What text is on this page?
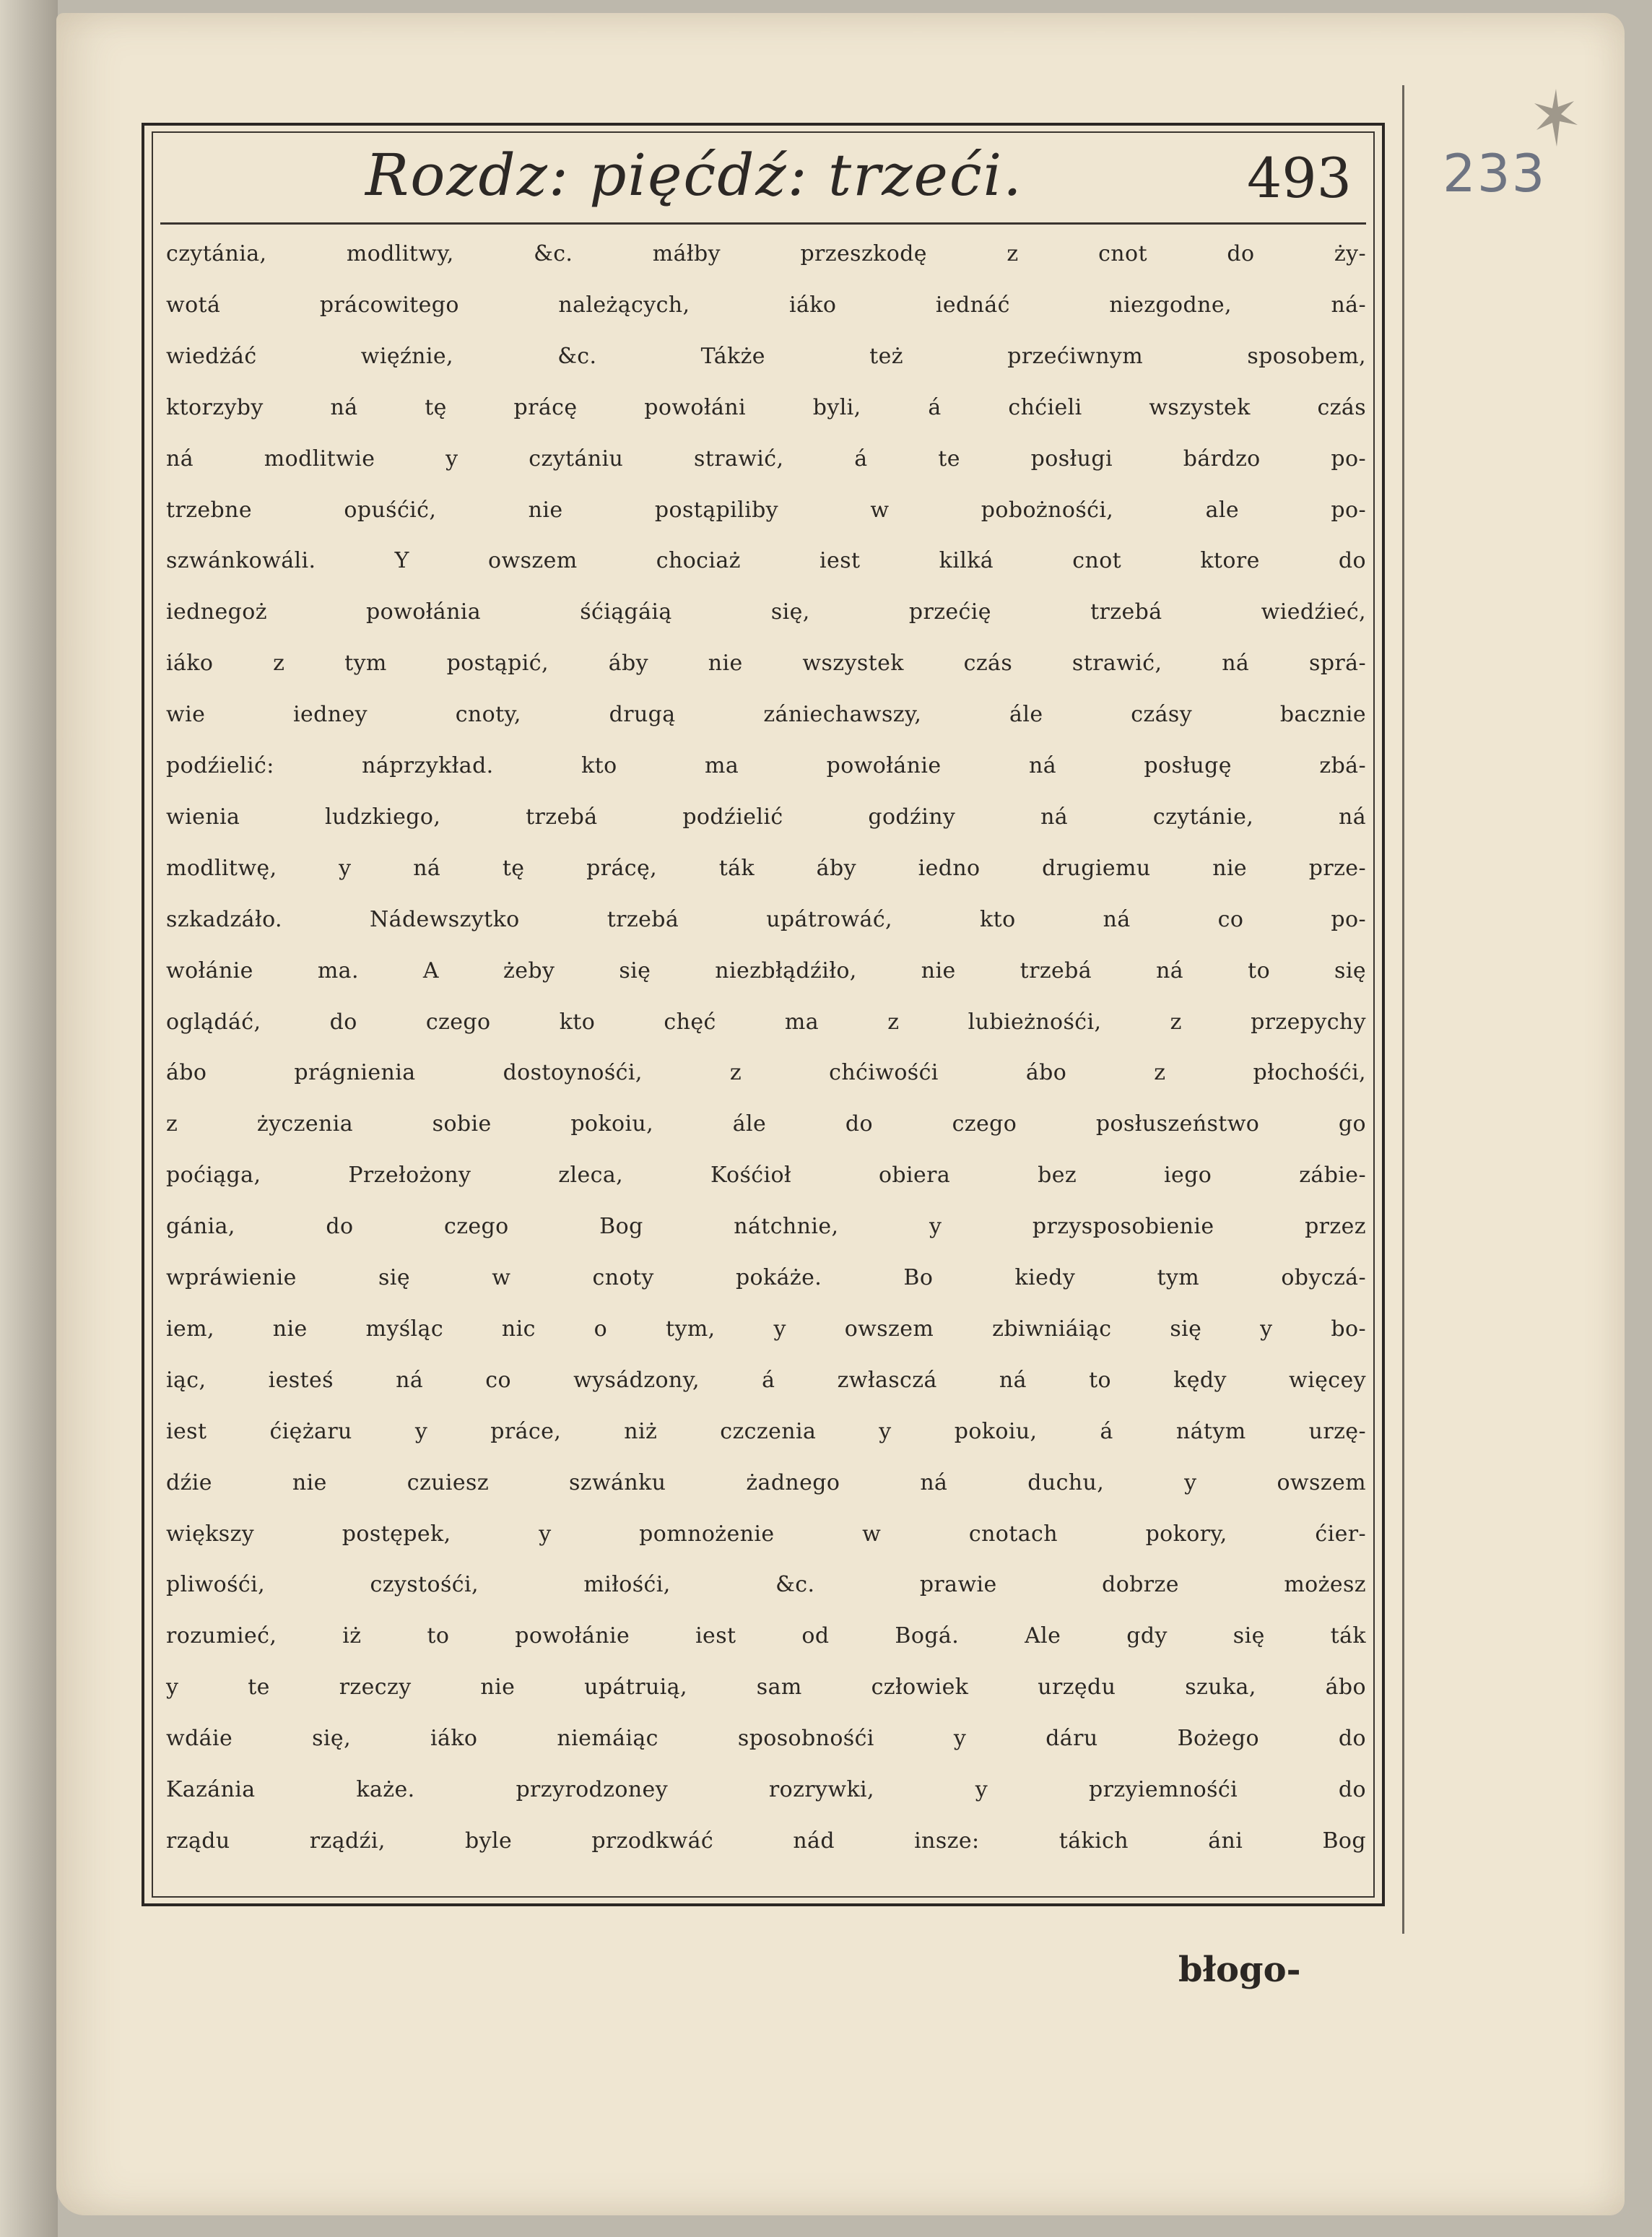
Rozdz: pięćdź: trzeći.	493 233
czytánia, modlitwy, &c. máłby przeszkodę z cnot do ży-
wotá prácowitego należących, iáko iednáć niezgodne, ná-
wiedżáć więźnie, &c. Tákże też przećiwnym sposobem,
ktorzyby ná tę prácę powołáni byli, á chćieli wszystek czás
ná modlitwie y czytániu strawić, á te posługi bárdzo po-
trzebne opuśćić, nie postąpiliby w pobożnośći, ale po-
szwánkowáli. Y owszem chociaż iest kilká cnot ktore do
iednegoż powołánia śćiągáią się, przećię trzebá wiedźieć,
iáko z tym postąpić, áby nie wszystek czás strawić, ná sprá-
wie iedney cnoty, drugą zániechawszy, ále czásy bacznie
podźielić: náprzykład. kto ma powołánie ná posługę zbá-
wienia ludzkiego, trzebá podźielić godźiny ná czytánie, ná
modlitwę, y ná tę prácę, ták áby iedno drugiemu nie prze-
szkadzáło. Nádewszytko trzebá upátrowáć, kto ná co po-
wołánie ma. A żeby się niezbłądźiło, nie trzebá ná to się
oglądáć, do czego kto chęć ma z lubieżnośći, z przepychy
ábo prágnienia dostoynośći, z chćiwośći ábo z płochośći,
z życzenia sobie pokoiu, ále do czego posłuszeństwo go
poćiąga, Przełożony zleca, Kośćioł obiera bez iego zábie-
gánia, do czego Bog nátchnie, y przysposobienie przez
wpráwienie się w cnoty pokáże. Bo kiedy tym obyczá-
iem, nie myśląc nic o tym, y owszem zbiwniáiąc się y bo-
iąc, iesteś ná co wysádzony, á zwłasczá ná to kędy więcey
iest ćiężaru y práce, niż czczenia y pokoiu, á nátym urzę-
dźie nie czuiesz szwánku żadnego ná duchu, y owszem
większy postępek, y pomnożenie w cnotach pokory, ćier-
pliwośći, czystośći, miłośći, &c. prawie dobrze możesz
rozumieć, iż to powołánie iest od Bogá. Ale gdy się ták
y te rzeczy nie upátruią, sam człowiek urzędu szuka, ábo
wdáie się, iáko niemáiąc sposobnośći y dáru Bożego do
Kazánia każe. przyrodzoney rozrywki, y przyiemnośći do
rządu rządźi, byle przodkwáć nád insze: tákich áni Bog
błogo-
